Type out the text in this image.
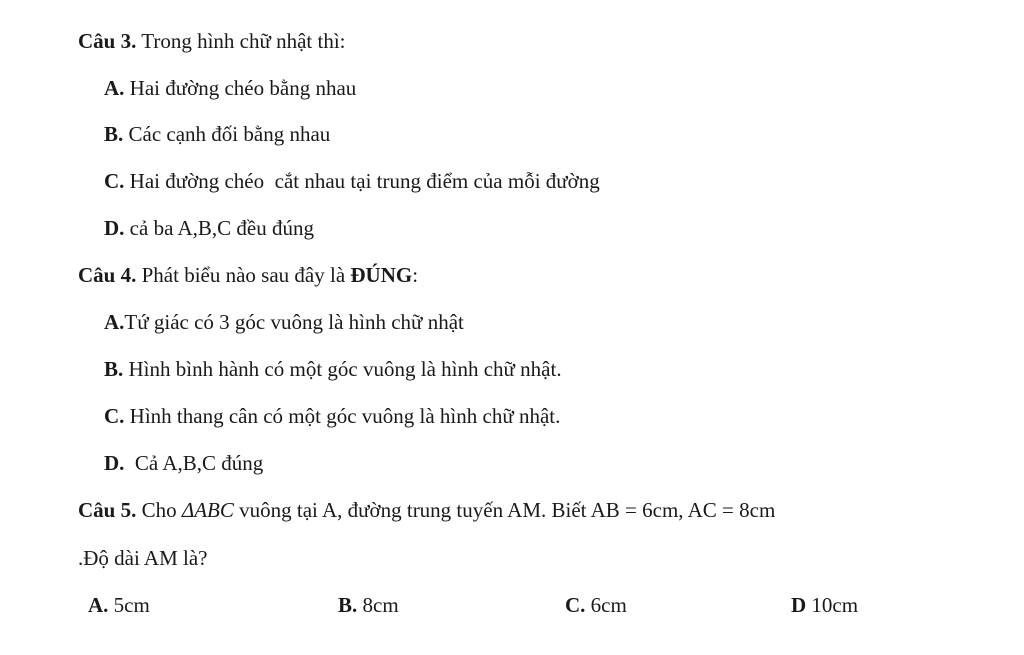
Câu 3. Trong hình chữ nhật thì:
A. Hai đường chéo bằng nhau
B. Các cạnh đối bằng nhau
C. Hai đường chéo  cắt nhau tại trung điểm của mỗi đường
D. cả ba A,B,C đều đúng
Câu 4. Phát biểu nào sau đây là ĐÚNG:
A.Tứ giác có 3 góc vuông là hình chữ nhật
B. Hình bình hành có một góc vuông là hình chữ nhật.
C. Hình thang cân có một góc vuông là hình chữ nhật.
D.  Cả A,B,C đúng
Câu 5. Cho ΔABC vuông tại A, đường trung tuyến AM. Biết AB = 6cm, AC = 8cm
.Độ dài AM là?
A. 5cm	B. 8cm	C. 6cm	D 10cm
